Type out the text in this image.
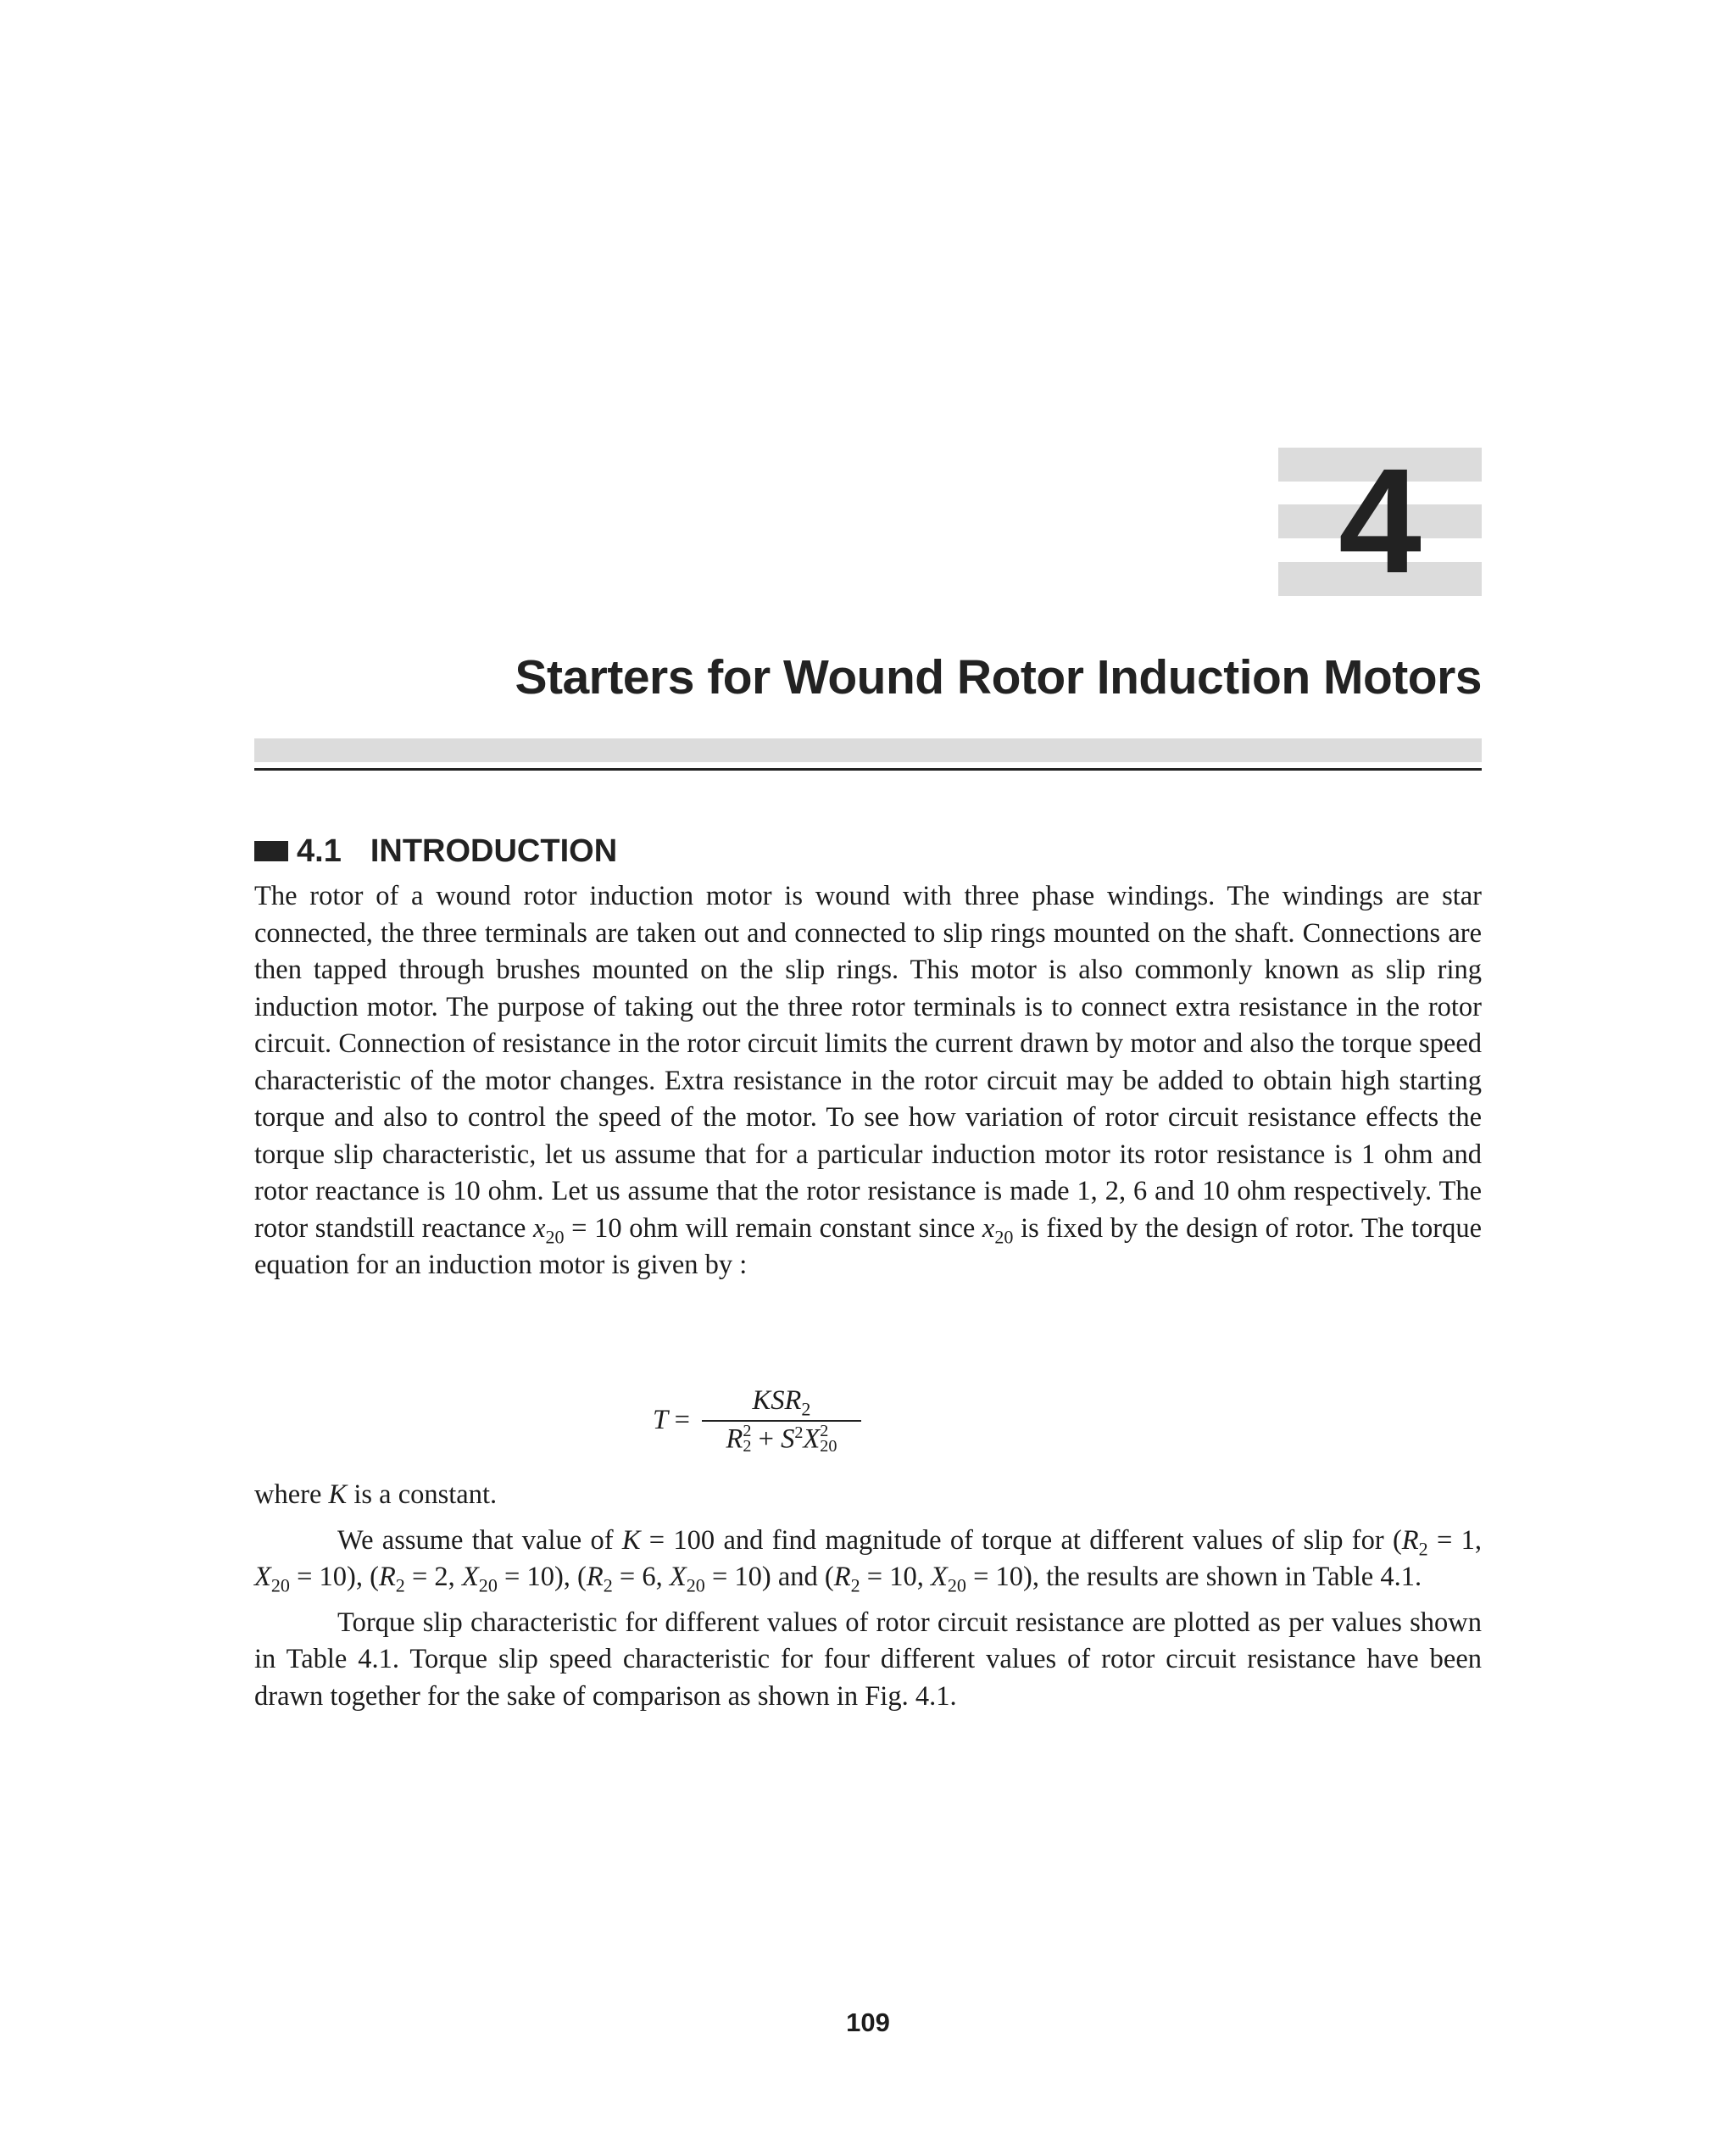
4
Starters for Wound Rotor Induction Motors
4.1 INTRODUCTION

The rotor of a wound rotor induction motor is wound with three phase windings. The windings are star connected, the three terminals are taken out and connected to slip rings mounted on the shaft. Connections are then tapped through brushes mounted on the slip rings. This motor is also commonly known as slip ring induction motor. The purpose of taking out the three rotor terminals is to connect extra resistance in the rotor circuit. Connection of resistance in the rotor circuit limits the current drawn by motor and also the torque speed characteristic of the motor changes. Extra resistance in the rotor circuit may be added to obtain high starting torque and also to control the speed of the motor. To see how variation of rotor circuit resistance effects the torque slip characteristic, let us assume that for a particular induction motor its rotor resistance is 1 ohm and rotor reactance is 10 ohm. Let us assume that the rotor resistance is made 1, 2, 6 and 10 ohm respectively. The rotor standstill reactance $x_{20} = 10$ ohm will remain constant since $x_{20}$ is fixed by the design of rotor. The torque equation for an induction motor is given by :

$T = KSR_2$
R 2
$2 + S^2X$ 2
20

where K is a constant.

We assume that value of K = 100 and find magnitude of torque at different values of slip for ($R_2 = 1$, $X_{20} = 10$), ($R_2 = 2$, $X_{20} = 10$), ($R_2 = 6$, $X_{20} = 10$) and ($R_2 = 10$, $X_{20} = 10$), the results are shown in Table 4.1.

Torque slip characteristic for different values of rotor circuit resistance are plotted as per values shown in Table 4.1. Torque slip speed characteristic for four different values of rotor circuit resistance have been drawn together for the sake of comparison as shown in Fig. 4.1.

109
